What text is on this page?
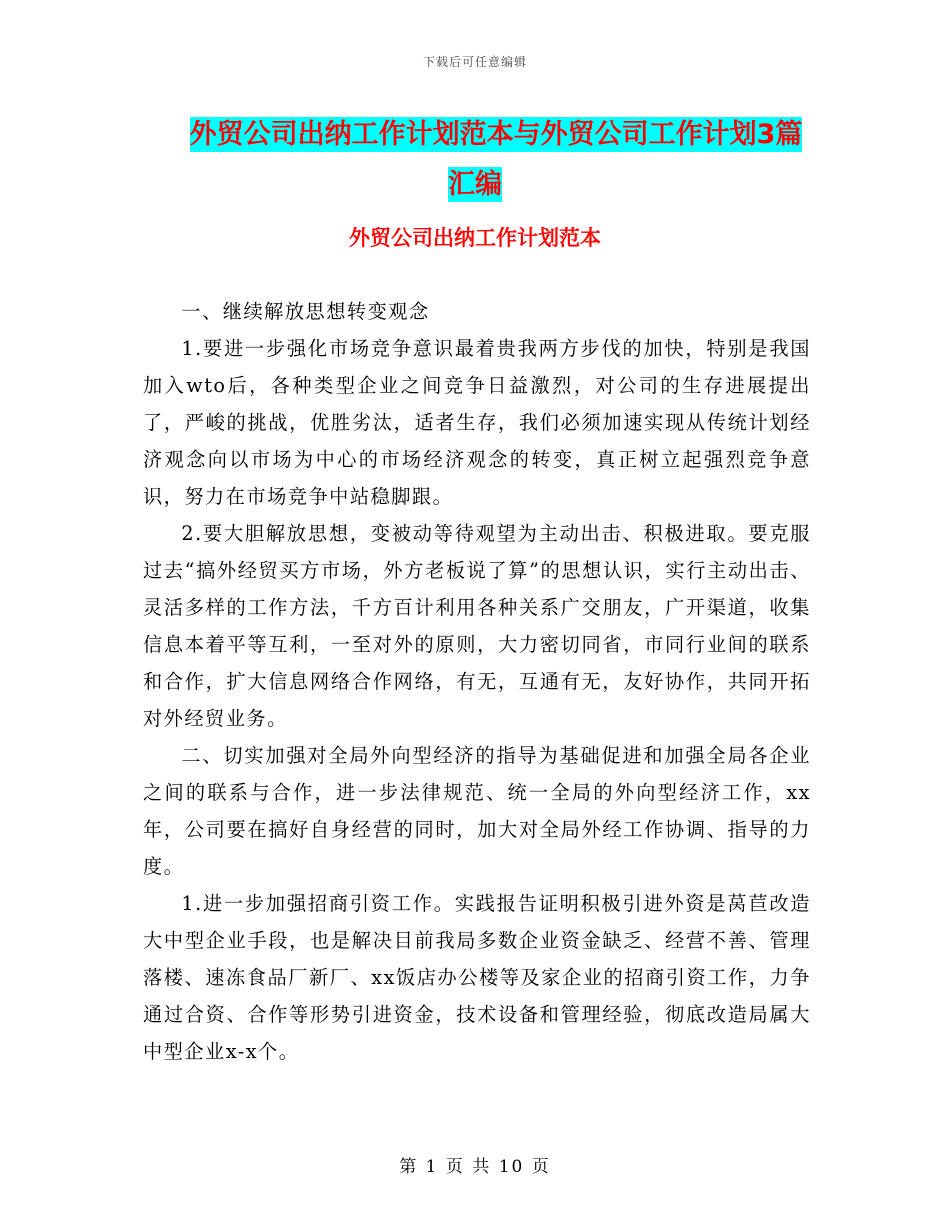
下载后可任意编辑
外贸公司出纳工作计划范本与外贸公司工作计划3篇
汇编
外贸公司出纳工作计划范本

一、继续解放思想转变观念

1.要进一步强化市场竞争意识最着贵我两方步伐的加快，特别是我国加入wto后，各种类型企业之间竞争日益激烈，对公司的生存进展提出了，严峻的挑战，优胜劣汰，适者生存，我们必须加速实现从传统计划经济观念向以市场为中心的市场经济观念的转变，真正树立起强烈竞争意识，努力在市场竞争中站稳脚跟。

2.要大胆解放思想，变被动等待观望为主动出击、积极进取。要克服过去“搞外经贸买方市场，外方老板说了算”的思想认识，实行主动出击、灵活多样的工作方法，千方百计利用各种关系广交朋友，广开渠道，收集信息本着平等互利，一至对外的原则，大力密切同省，市同行业间的联系和合作，扩大信息网络合作网络，有无，互通有无，友好协作，共同开拓对外经贸业务。

二、切实加强对全局外向型经济的指导为基础促进和加强全局各企业之间的联系与合作，进一步法律规范、统一全局的外向型经济工作，xx年，公司要在搞好自身经营的同时，加大对全局外经工作协调、指导的力度。

1.进一步加强招商引资工作。实践报告证明积极引进外资是莴苣改造大中型企业手段，也是解决目前我局多数企业资金缺乏、经营不善、管理落楼、速冻食品厂新厂、xx饭店办公楼等及家企业的招商引资工作，力争通过合资、合作等形势引进资金，技术设备和管理经验，彻底改造局属大中型企业x-x个。

第 1 页 共 10 页
